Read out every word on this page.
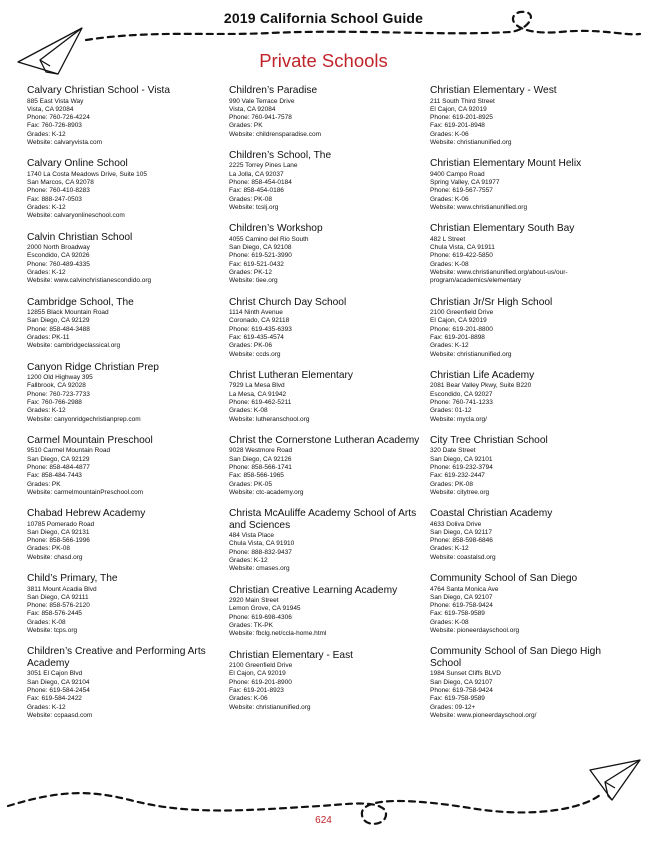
2019 California School Guide
Private Schools
Calvary Christian School - Vista
885 East Vista Way
Vista, CA 92084
Phone: 760-726-4224
Fax: 760-726-8903
Grades: K-12
Website: calvaryvista.com
Calvary Online School
1740 La Costa Meadows Drive, Suite 105
San Marcos, CA 92078
Phone: 760-410-8283
Fax: 888-247-0503
Grades: K-12
Website: calvaryonlineschool.com
Calvin Christian School
2000 North Broadway
Escondido, CA 92026
Phone: 760-489-4335
Grades: K-12
Website: www.calvinchristianescondido.org
Cambridge School, The
12855 Black Mountain Road
San Diego, CA 92129
Phone: 858-484-3488
Grades: PK-11
Website: cambridgeclassical.org
Canyon Ridge Christian Prep
1200 Old Highway 395
Fallbrook, CA 92028
Phone: 760-723-7733
Fax: 760-766-2988
Grades: K-12
Website: canyonridgechristianprep.com
Carmel Mountain Preschool
9510 Carmel Mountain Road
San Diego, CA 92129
Phone: 858-484-4877
Fax: 858-484-7443
Grades: PK
Website: carmelmountainPreschool.com
Chabad Hebrew Academy
10785 Pomerado Road
San Diego, CA 92131
Phone: 858-566-1996
Grades: PK-08
Website: chasd.org
Child’s Primary, The
3811 Mount Acadia Blvd
San Diego, CA 92111
Phone: 858-576-2120
Fax: 858-576-2445
Grades: K-08
Website: tcps.org
Children’s Creative and Performing Arts Academy
3051 El Cajon Blvd
San Diego, CA 92104
Phone: 619-584-2454
Fax: 619-584-2422
Grades: K-12
Website: ccpaasd.com
Children’s Paradise
990 Vale Terrace Drive
Vista, CA 92084
Phone: 760-941-7578
Grades: PK
Website: childrensparadise.com
Children’s School, The
2225 Torrey Pines Lane
La Jolla, CA 92037
Phone: 858-454-0184
Fax: 858-454-0186
Grades: PK-08
Website: tcslj.org
Children’s Workshop
4055 Camino del Rio South
San Diego, CA 92108
Phone: 619-521-3990
Fax: 619-521-0432
Grades: PK-12
Website: tiee.org
Christ Church Day School
1114 Ninth Avenue
Coronado, CA 92118
Phone: 619-435-6393
Fax: 619-435-4574
Grades: PK-06
Website: ccds.org
Christ Lutheran Elementary
7929 La Mesa Blvd
La Mesa, CA 91942
Phone: 619-462-5211
Grades: K-08
Website: lutheranschool.org
Christ the Cornerstone Lutheran Academy
9028 Westmore Road
San Diego, CA 92126
Phone: 858-566-1741
Fax: 858-566-1965
Grades: PK-05
Website: ctc-academy.org
Christa McAuliffe Academy School of Arts and Sciences
484 Vista Place
Chula Vista, CA 91910
Phone: 888-832-9437
Grades: K-12
Website: cmases.org
Christian Creative Learning Academy
2920 Main Street
Lemon Grove, CA 91945
Phone: 619-698-4306
Grades: TK-PK
Website: fbclg.net/ccla-home.html
Christian Elementary - East
2100 Greenfield Drive
El Cajon, CA 92019
Phone: 619-201-8900
Fax: 619-201-8923
Grades: K-06
Website: christianunified.org
Christian Elementary - West
211 South Third Street
El Cajon, CA 92019
Phone: 619-201-8925
Fax: 619-201-8948
Grades: K-06
Website: christianunified.org
Christian Elementary Mount Helix
9400 Campo Road
Spring Valley, CA 91977
Phone: 619-567-7557
Grades: K-06
Website: www.christianunified.org
Christian Elementary South Bay
482 L Street
Chula Vista, CA 91911
Phone: 619-422-5850
Grades: K-08
Website: www.christianunified.org/about-us/our-program/academics/elementary
Christian Jr/Sr High School
2100 Greenfield Drive
El Cajon, CA 92019
Phone: 619-201-8800
Fax: 619-201-8898
Grades: K-12
Website: christianunified.org
Christian Life Academy
2081 Bear Valley Pkwy, Suite B220
Escondido, CA 92027
Phone: 760-741-1233
Grades: 01-12
Website: mycla.org/
City Tree Christian School
320 Date Street
San Diego, CA 92101
Phone: 619-232-3794
Fax: 619-232-2447
Grades: PK-08
Website: citytree.org
Coastal Christian Academy
4633 Doliva Drive
San Diego, CA 92117
Phone: 858-598-6846
Grades: K-12
Website: coastalsd.org
Community School of San Diego
4764 Santa Monica Ave
San Diego, CA 92107
Phone: 619-758-9424
Fax: 619-758-9589
Grades: K-08
Website: pioneerdayschool.org
Community School of San Diego High School
1984 Sunset Cliffs BLVD
San Diego, CA 92107
Phone: 619-758-9424
Fax: 619-758-9589
Grades: 09-12+
Website: www.pioneerdayschool.org/
624
